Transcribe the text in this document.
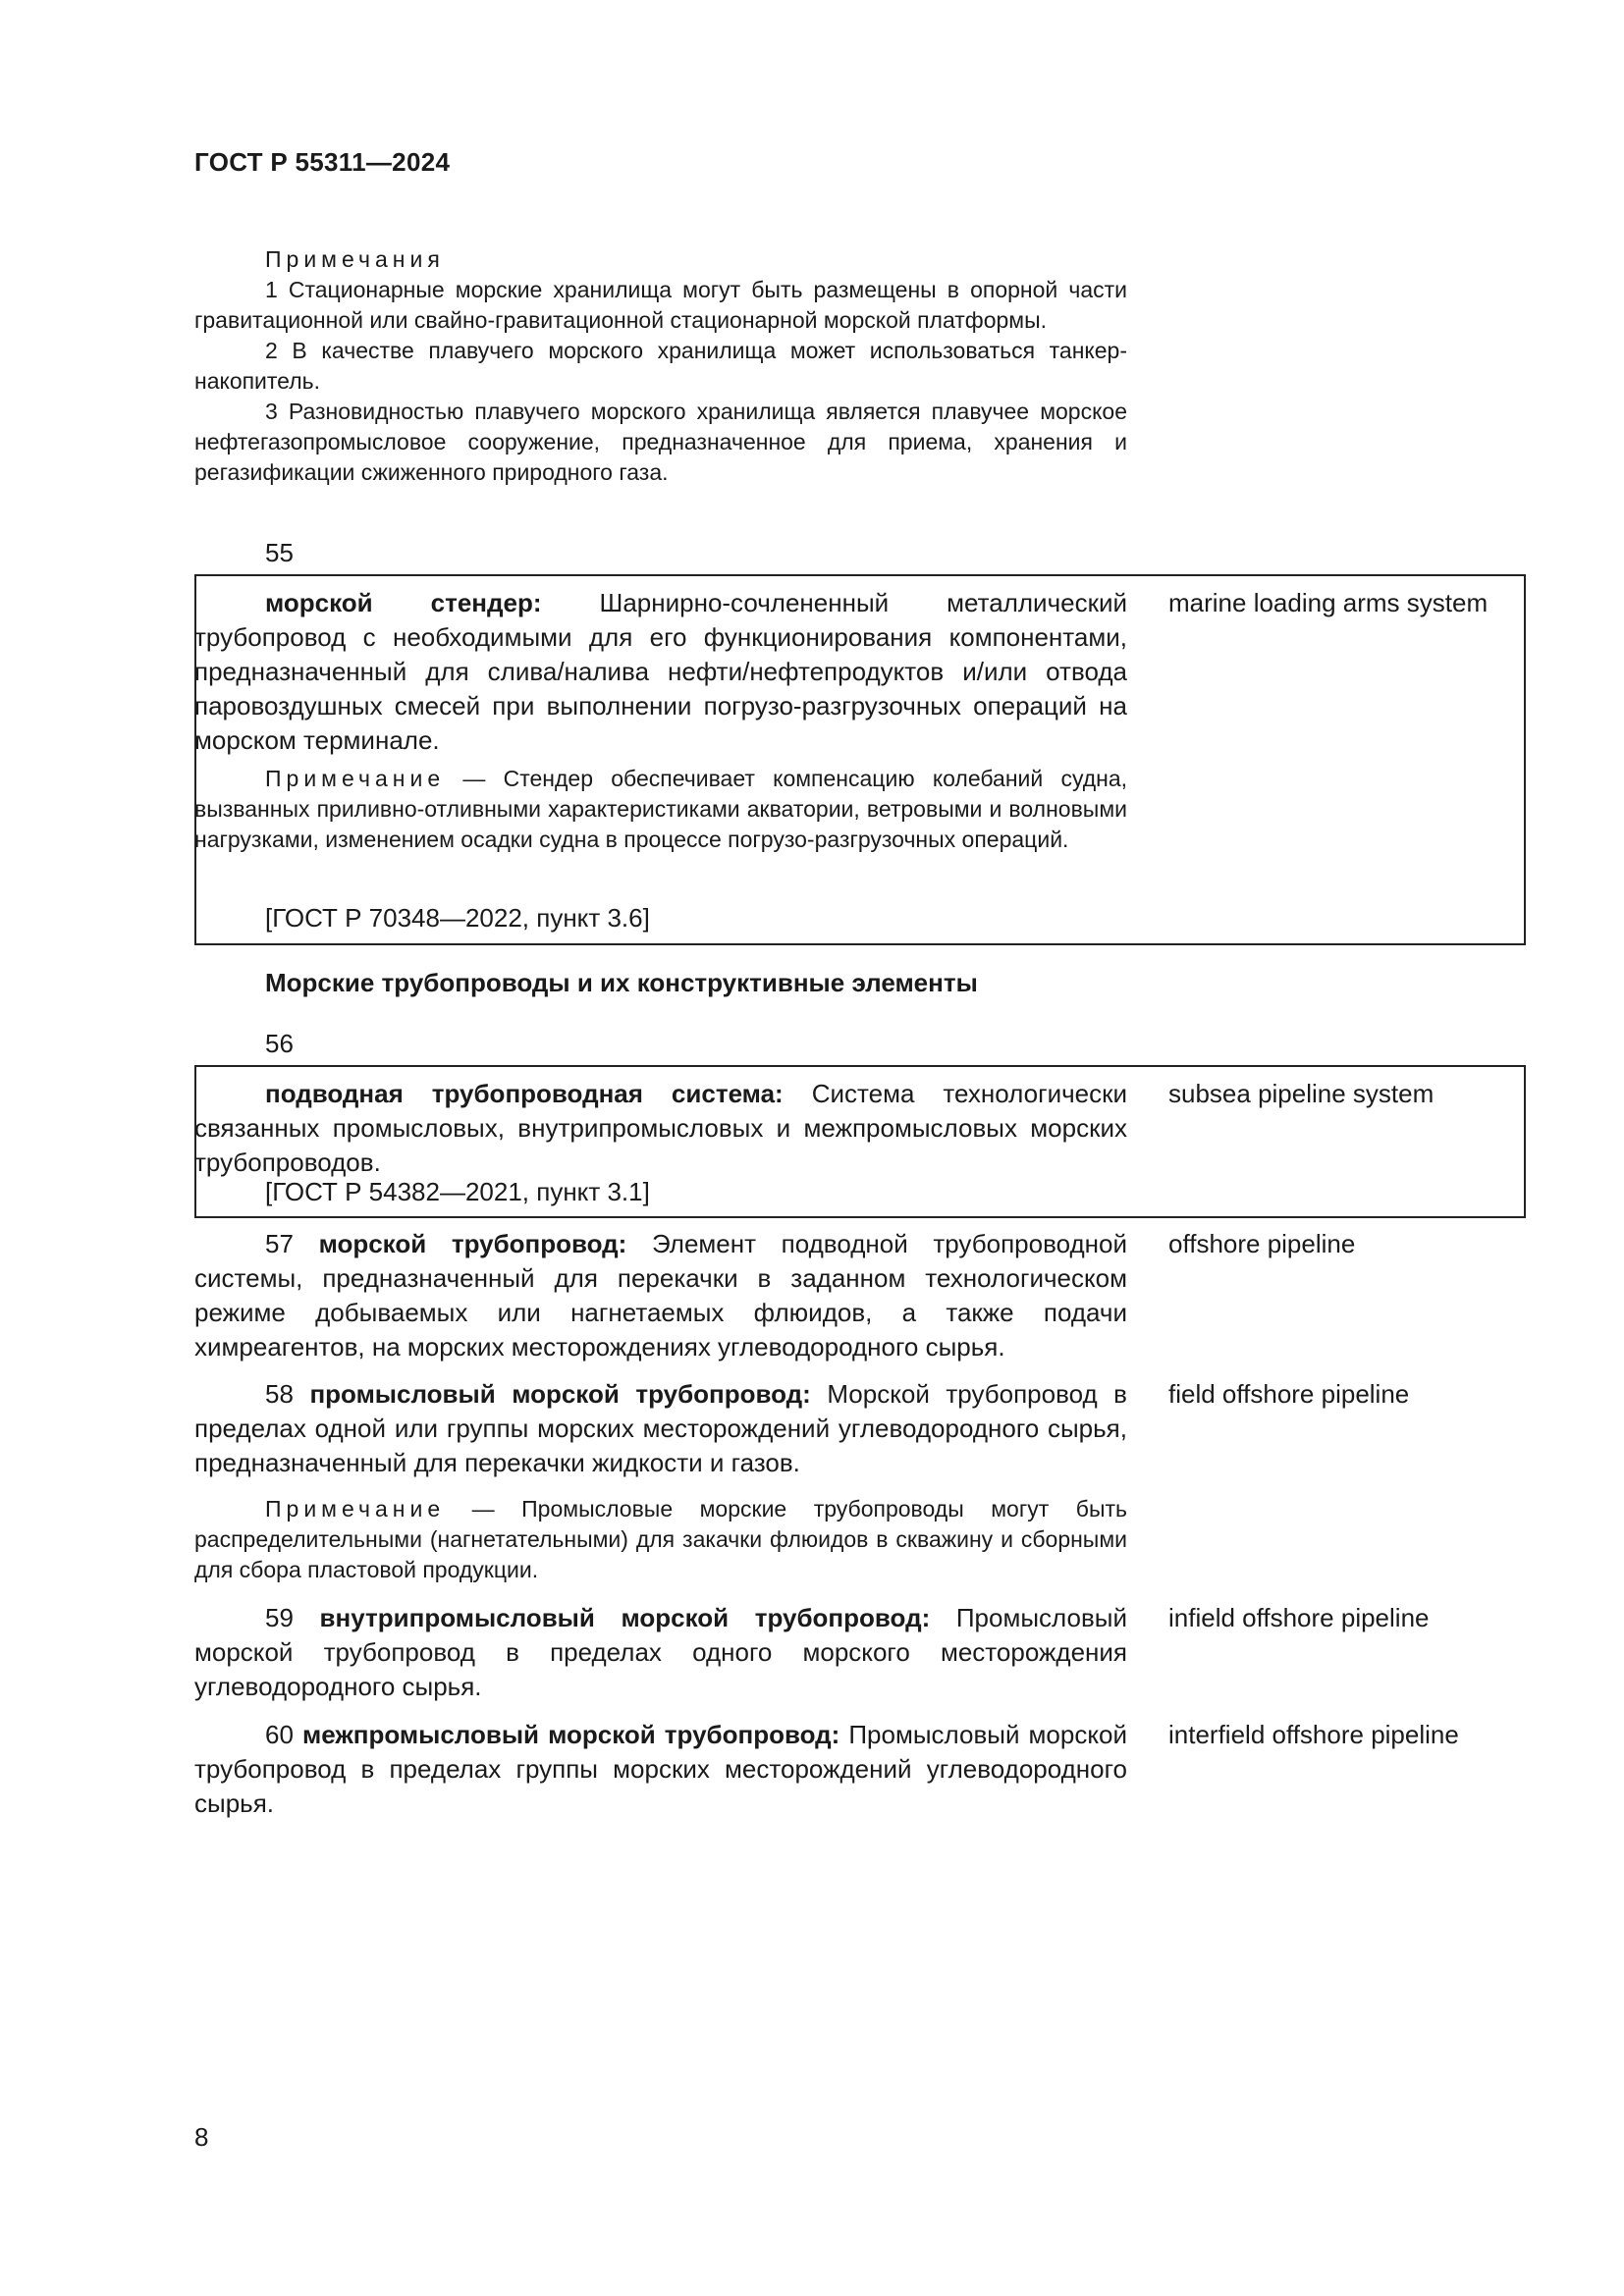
ГОСТ Р 55311—2024

Примечания

1 Стационарные морские хранилища могут быть размещены в опорной части гравитационной или свайно-гравитационной стационарной морской платформы.

2 В качестве плавучего морского хранилища может использоваться танкер-накопитель.

3 Разновидностью плавучего морского хранилища является плавучее морское нефтегазопромысловое сооружение, предназначенное для приема, хранения и регазификации сжиженного природного газа.

55

морской стендер: Шарнирно-сочлененный металлический трубопровод с необходимыми для его функционирования компонентами, предназначенный для слива/налива нефти/нефтепродуктов и/или отвода паровоздушных смесей при выполнении погрузо-разгрузочных операций на морском терминале.

Примечание — Стендер обеспечивает компенсацию колебаний судна, вызванных приливно-отливными характеристиками акватории, ветровыми и волновыми нагрузками, изменением осадки судна в процессе погрузо-разгрузочных операций.

[ГОСТ Р 70348—2022, пункт 3.6]
marine loading arms system
Морские трубопроводы и их конструктивные элементы
56

подводная трубопроводная система: Система технологически связанных промысловых, внутрипромысловых и межпромысловых морских трубопроводов.

[ГОСТ Р 54382—2021, пункт 3.1]
subsea pipeline system

57 морской трубопровод: Элемент подводной трубопроводной системы, предназначенный для перекачки в заданном технологическом режиме добываемых или нагнетаемых флюидов, а также подачи химреагентов, на морских месторождениях углеводородного сырья.

offshore pipeline

58 промысловый морской трубопровод: Морской трубопровод в пределах одной или группы морских месторождений углеводородного сырья, предназначенный для перекачки жидкости и газов.

Примечание — Промысловые морские трубопроводы могут быть распределительными (нагнетательными) для закачки флюидов в скважину и сборными для сбора пластовой продукции.

field offshore pipeline

59 внутрипромысловый морской трубопровод: Промысловый морской трубопровод в пределах одного морского месторождения углеводородного сырья.

infield offshore pipeline

60 межпромысловый морской трубопровод: Промысловый морской трубопровод в пределах группы морских месторождений углеводородного сырья.

interfield offshore pipeline
8
